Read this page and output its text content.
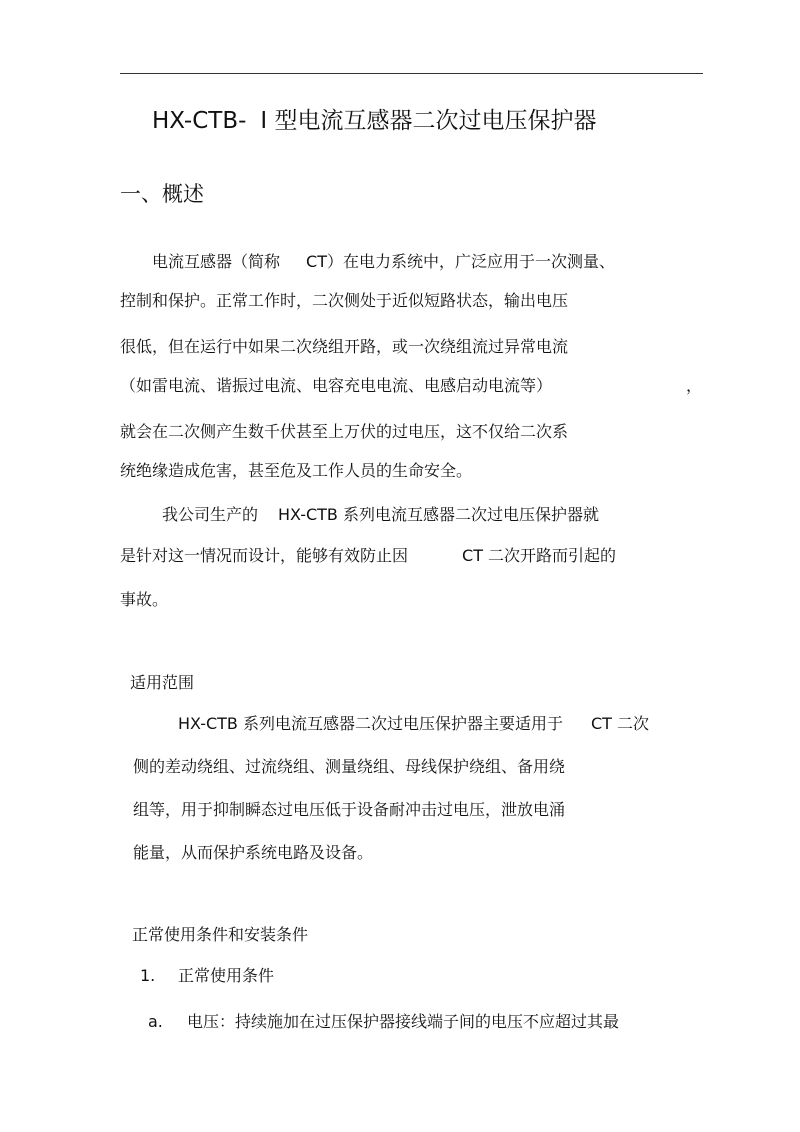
HX-CTB- Ⅰ 型电流互感器二次过电压保护器
一、概述
电流互感器（简称 CT）在电力系统中，广泛应用于一次测量、
控制和保护。正常工作时，二次侧处于近似短路状态，输出电压
很低，但在运行中如果二次绕组开路，或一次绕组流过异常电流
（如雷电流、谐振过电流、电容充电电流、电感启动电流等）	，
就会在二次侧产生数千伏甚至上万伏的过电压，这不仅给二次系
统绝缘造成危害，甚至危及工作人员的生命安全。
我公司生产的 HX-CTB 系列电流互感器二次过电压保护器就
是针对这一情况而设计，能够有效防止因	CT 二次开路而引起的
事故。
适用范围
HX-CTB 系列电流互感器二次过电压保护器主要适用于 CT 二次
侧的差动绕组、过流绕组、测量绕组、母线保护绕组、备用绕
组等，用于抑制瞬态过电压低于设备耐冲击过电压，泄放电涌
能量，从而保护系统电路及设备。
正常使用条件和安装条件
1. 正常使用条件
a. 电压：持续施加在过压保护器接线端子间的电压不应超过其最
